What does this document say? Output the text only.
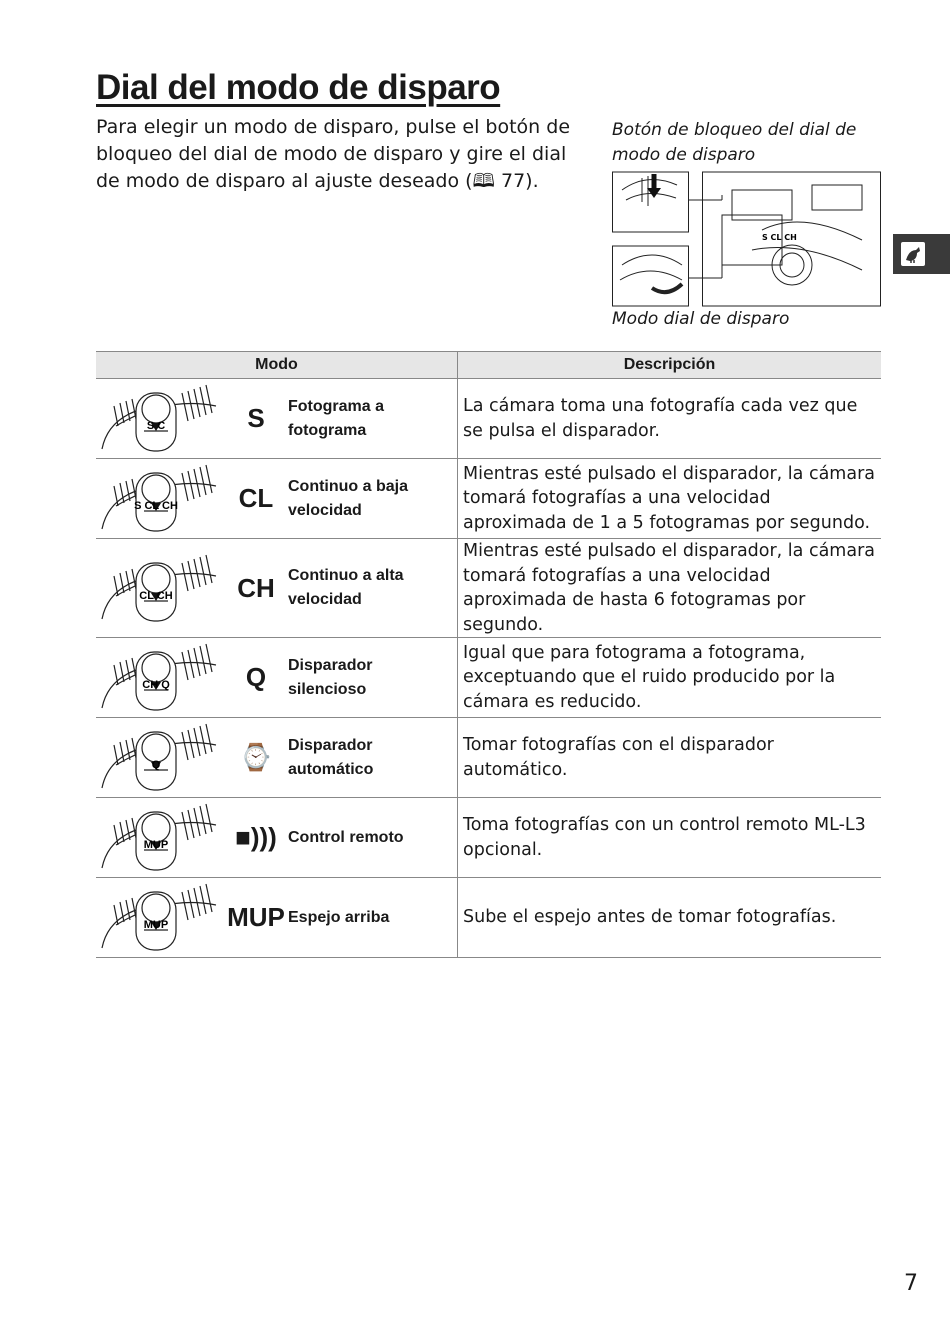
Dial del modo de disparo
Para elegir un modo de disparo, pulse el botón de bloqueo del dial de modo de disparo y gire el dial de modo de disparo al ajuste deseado (🕮 77).
Botón de bloqueo del dial de modo de disparo
S CL CH
Modo dial de disparo
Modo	Descripción

S C S Fotograma a fotograma	La cámara toma una fotografía cada vez que se pulsa el disparador.

S CL CH CL Continuo a baja velocidad	Mientras esté pulsado el disparador, la cámara tomará fotografías a una velocidad aproximada de 1 a 5 fotogramas por segundo.

CL CH CH Continuo a alta velocidad	Mientras esté pulsado el disparador, la cámara tomará fotografías a una velocidad aproximada de hasta 6 fotogramas por segundo.

CH Q Q Disparador silencioso	Igual que para fotograma a fotograma, exceptuando que el ruido producido por la cámara es reducido.

Q ⌚ Disparador automático	Tomar fotografías con el disparador automático.

MUP ■))) Control remoto	Toma fotografías con un control remoto ML-L3 opcional.

MUP MUP Espejo arriba	Sube el espejo antes de tomar fotografías.
7
